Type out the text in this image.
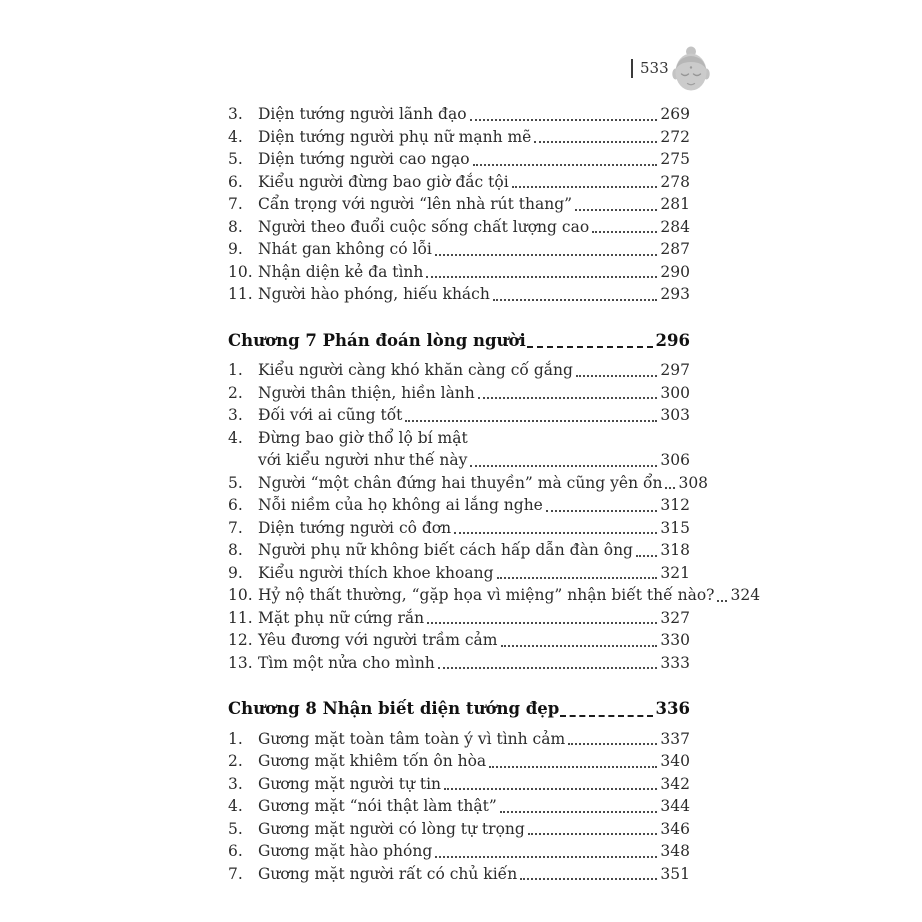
533
3. Diện tướng người lãnh đạo	269
4. Diện tướng người phụ nữ mạnh mẽ	272
5. Diện tướng người cao ngạo	275
6. Kiểu người đừng bao giờ đắc tội	278
7. Cẩn trọng với người “lên nhà rút thang”	281
8. Người theo đuổi cuộc sống chất lượng cao	284
9. Nhát gan không có lỗi	287
10. Nhận diện kẻ đa tình	290
11. Người hào phóng, hiếu khách	293
Chương 7 Phán đoán lòng người	296
1. Kiểu người càng khó khăn càng cố gắng	297
2. Người thân thiện, hiền lành	300
3. Đối với ai cũng tốt	303
4. Đừng bao giờ thổ lộ bí mật
với kiểu người như thế này	306
5. Người “một chân đứng hai thuyền” mà cũng yên ổn 308
6. Nỗi niềm của họ không ai lắng nghe	312
7. Diện tướng người cô đơn	315
8. Người phụ nữ không biết cách hấp dẫn đàn ông 318
9. Kiểu người thích khoe khoang	321
10. Hỷ nộ thất thường, “gặp họa vì miệng” nhận biết thế nào? 324
11. Mặt phụ nữ cứng rắn	327
12. Yêu đương với người trầm cảm	330
13. Tìm một nửa cho mình	333
Chương 8 Nhận biết diện tướng đẹp	336
1. Gương mặt toàn tâm toàn ý vì tình cảm	337
2. Gương mặt khiêm tốn ôn hòa	340
3. Gương mặt người tự tin	342
4. Gương mặt “nói thật làm thật”	344
5. Gương mặt người có lòng tự trọng	346
6. Gương mặt hào phóng	348
7. Gương mặt người rất có chủ kiến	351
